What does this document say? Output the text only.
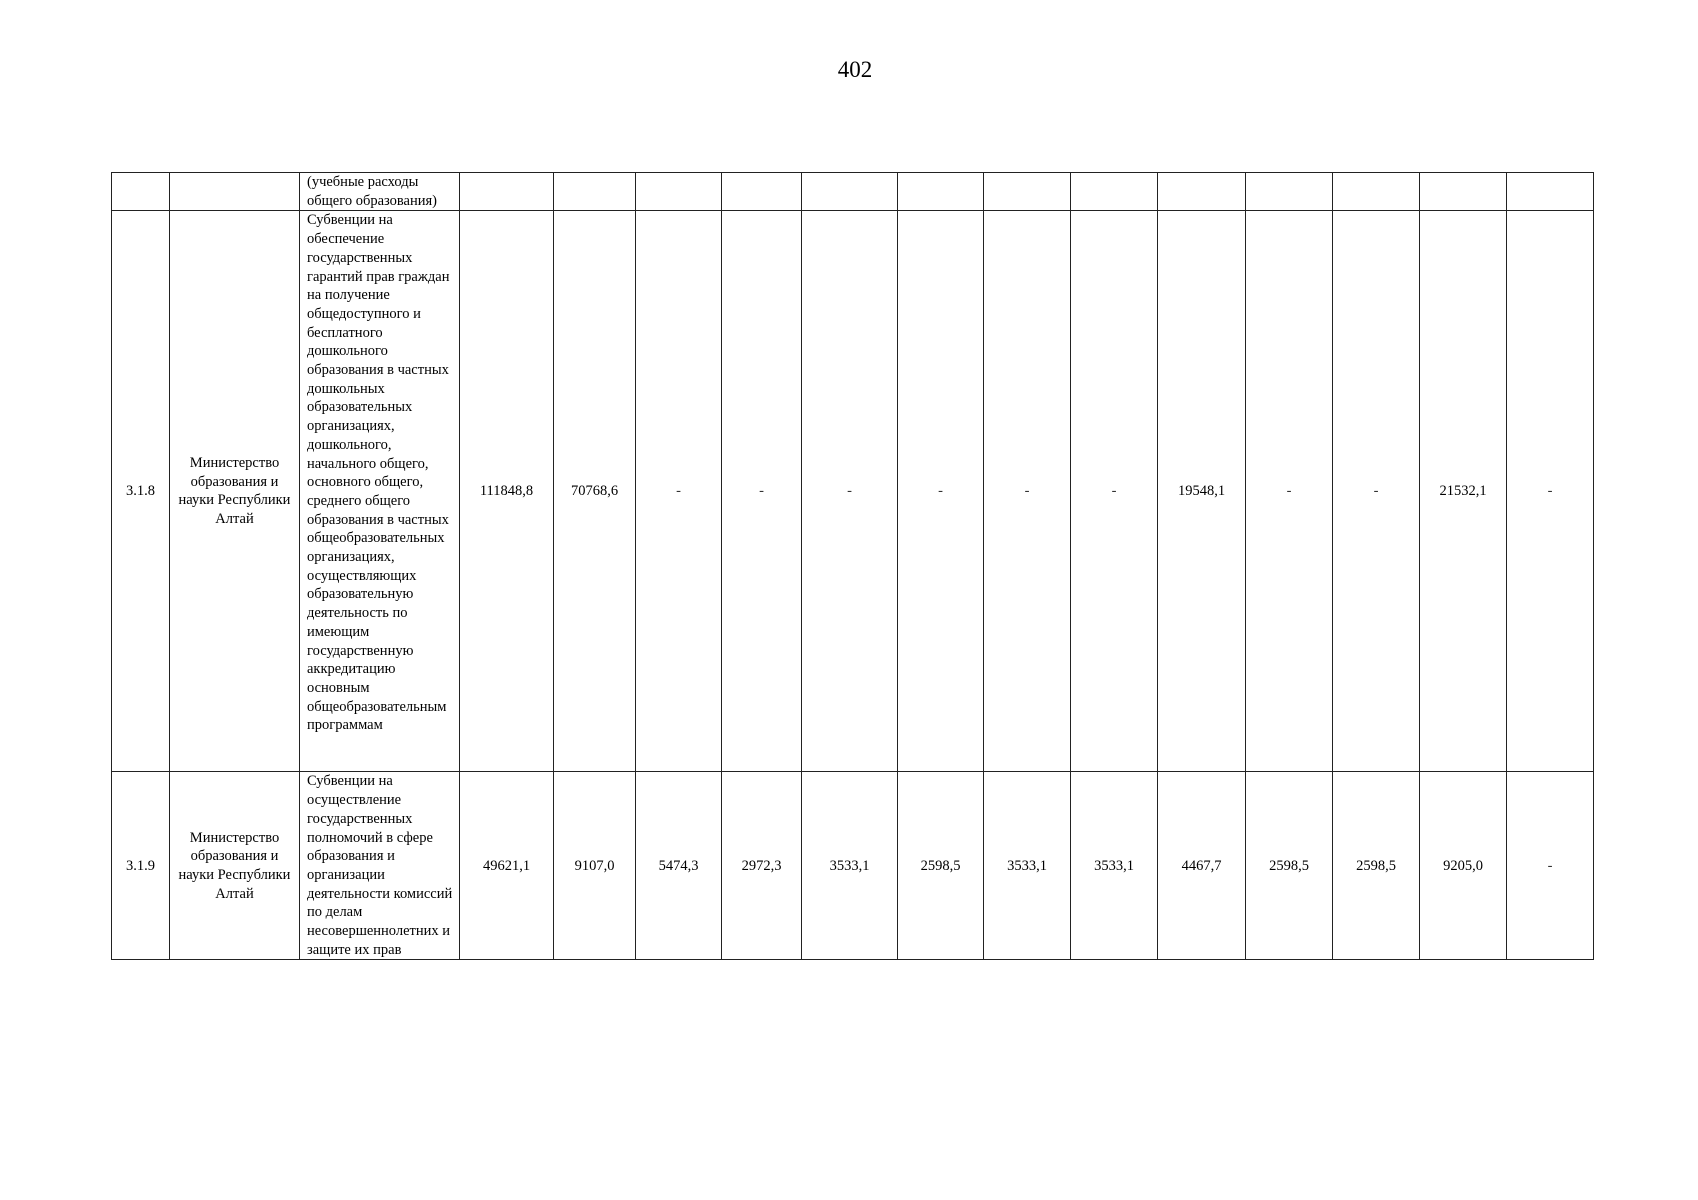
402
		(учебные расходы общего образования)													
3.1.8	Министерство образования и науки Республики Алтай	Субвенции на обеспечение государственных гарантий прав граждан на получение общедоступного и бесплатного дошкольного образования в частных дошкольных образовательных организациях, дошкольного, начального общего, основного общего, среднего общего образования в частных общеобразовательных организациях, осуществляющих образовательную деятельность по имеющим государственную аккредитацию основным общеобразовательным программам	111848,8	70768,6	-	-	-	-	-	-	19548,1	-	-	21532,1	-
3.1.9	Министерство образования и науки Республики Алтай	Субвенции на осуществление государственных полномочий в сфере образования и организации деятельности комиссий по делам несовершеннолетних и защите их прав	49621,1	9107,0	5474,3	2972,3	3533,1	2598,5	3533,1	3533,1	4467,7	2598,5	2598,5	9205,0	-
